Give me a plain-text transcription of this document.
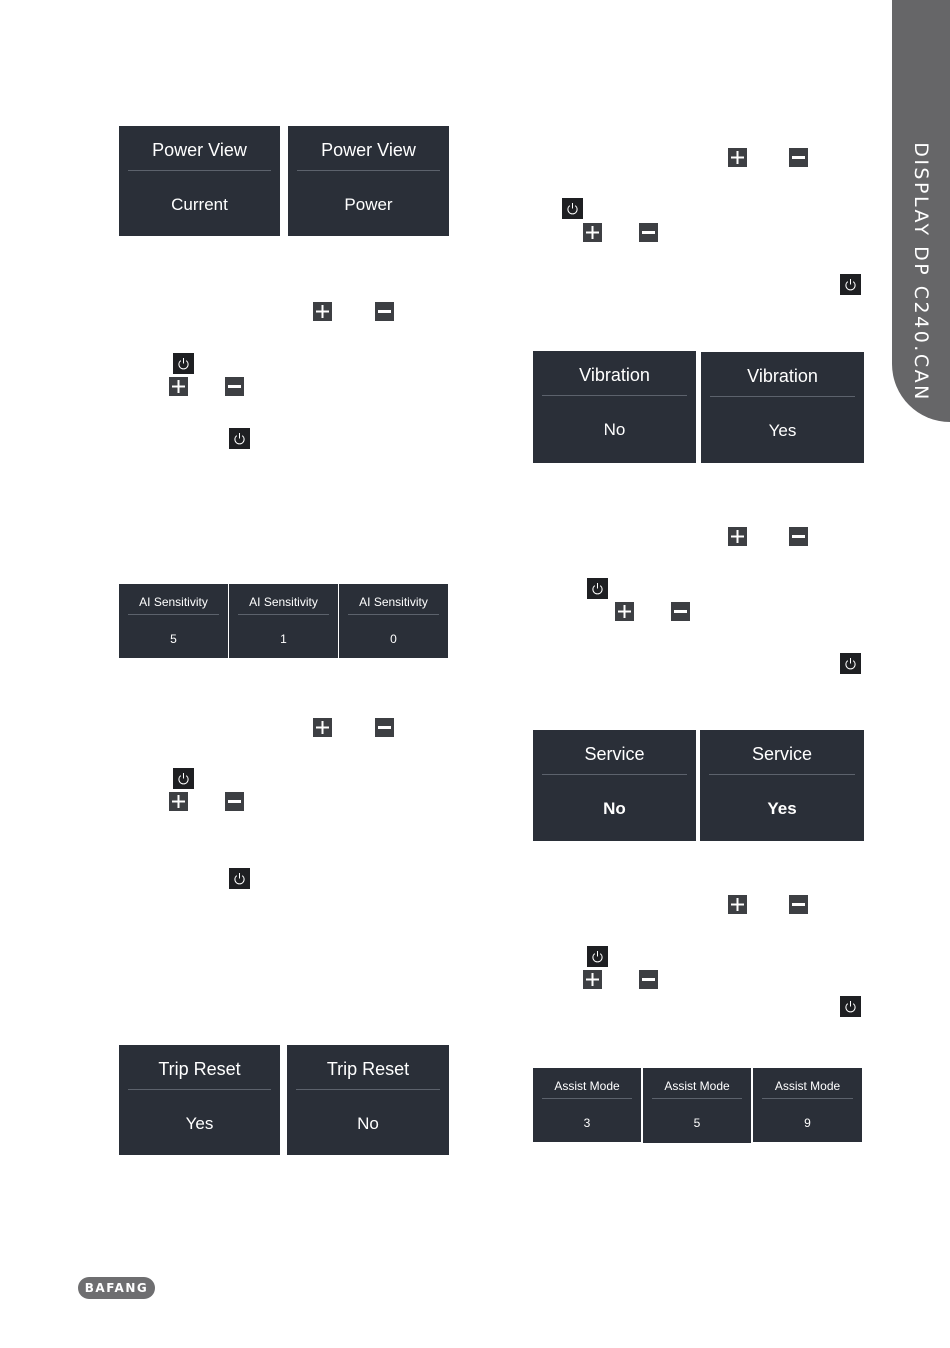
DISPLAY DP C240.CAN
Power View
Current
Power View
Power
AI Sensitivity
5
AI Sensitivity
1
AI Sensitivity
0
Trip Reset
Yes
Trip Reset
No
Vibration
No
Vibration
Yes
Service
No
Service
Yes
Assist Mode
3
Assist Mode
5
Assist Mode
9
BAFANG
